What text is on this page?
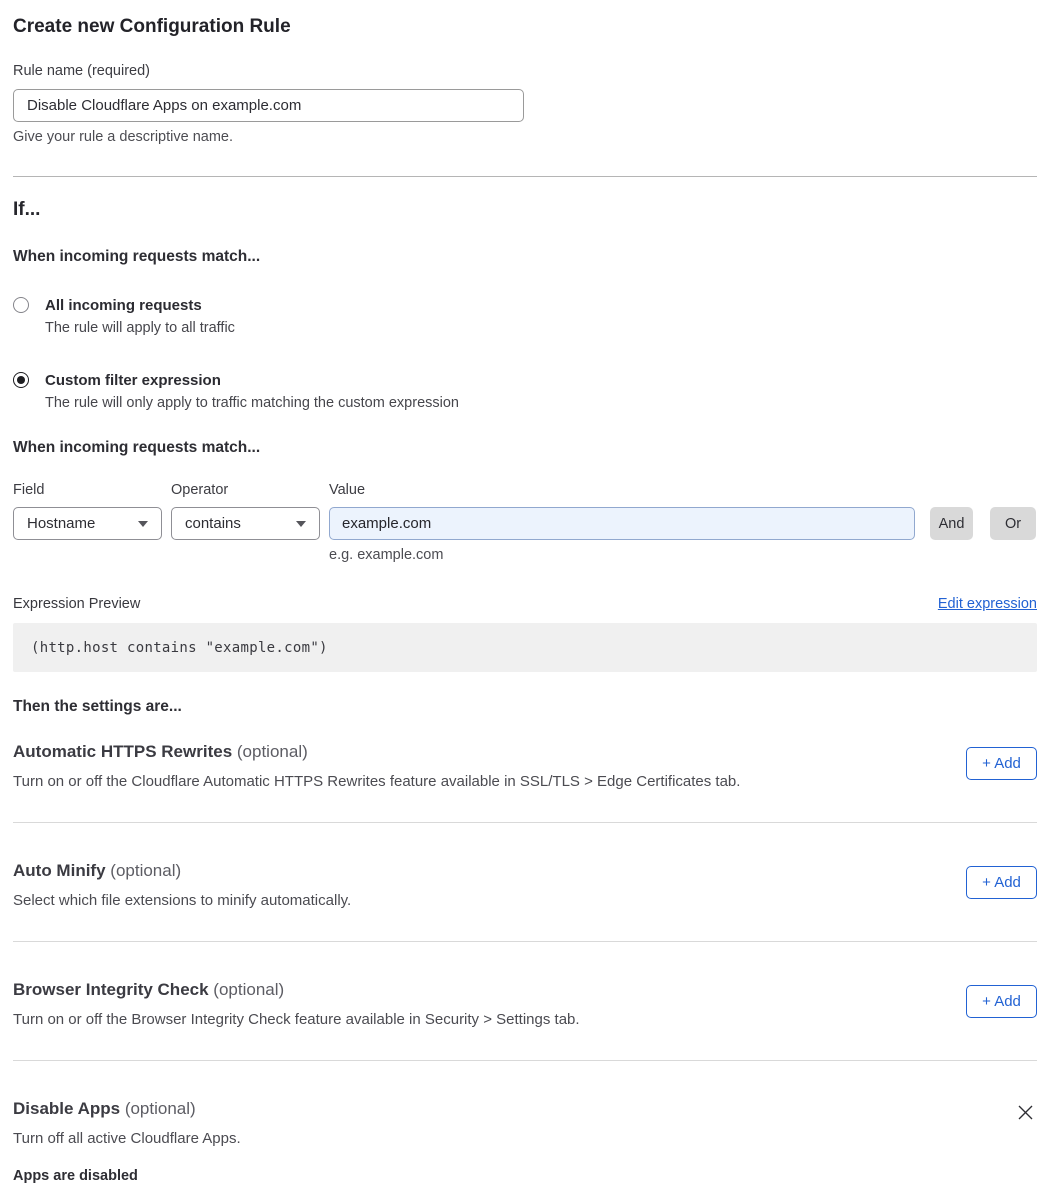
Create new Configuration Rule
Rule name (required)
Disable Cloudflare Apps on example.com
Give your rule a descriptive name.
If...
When incoming requests match...
All incoming requests
The rule will apply to all traffic
Custom filter expression
The rule will only apply to traffic matching the custom expression
When incoming requests match...
Field
Hostname
Operator
contains
Value
example.com
e.g. example.com
And	Or
Expression Preview	Edit expression
(http.host contains "example.com")
Then the settings are...
Automatic HTTPS Rewrites (optional)
Turn on or off the Cloudflare Automatic HTTPS Rewrites feature available in SSL/TLS > Edge Certificates tab.
+ Add
Auto Minify (optional)
Select which file extensions to minify automatically.
+ Add
Browser Integrity Check (optional)
Turn on or off the Browser Integrity Check feature available in Security > Settings tab.
+ Add
Disable Apps (optional)
Turn off all active Cloudflare Apps.
Apps are disabled
